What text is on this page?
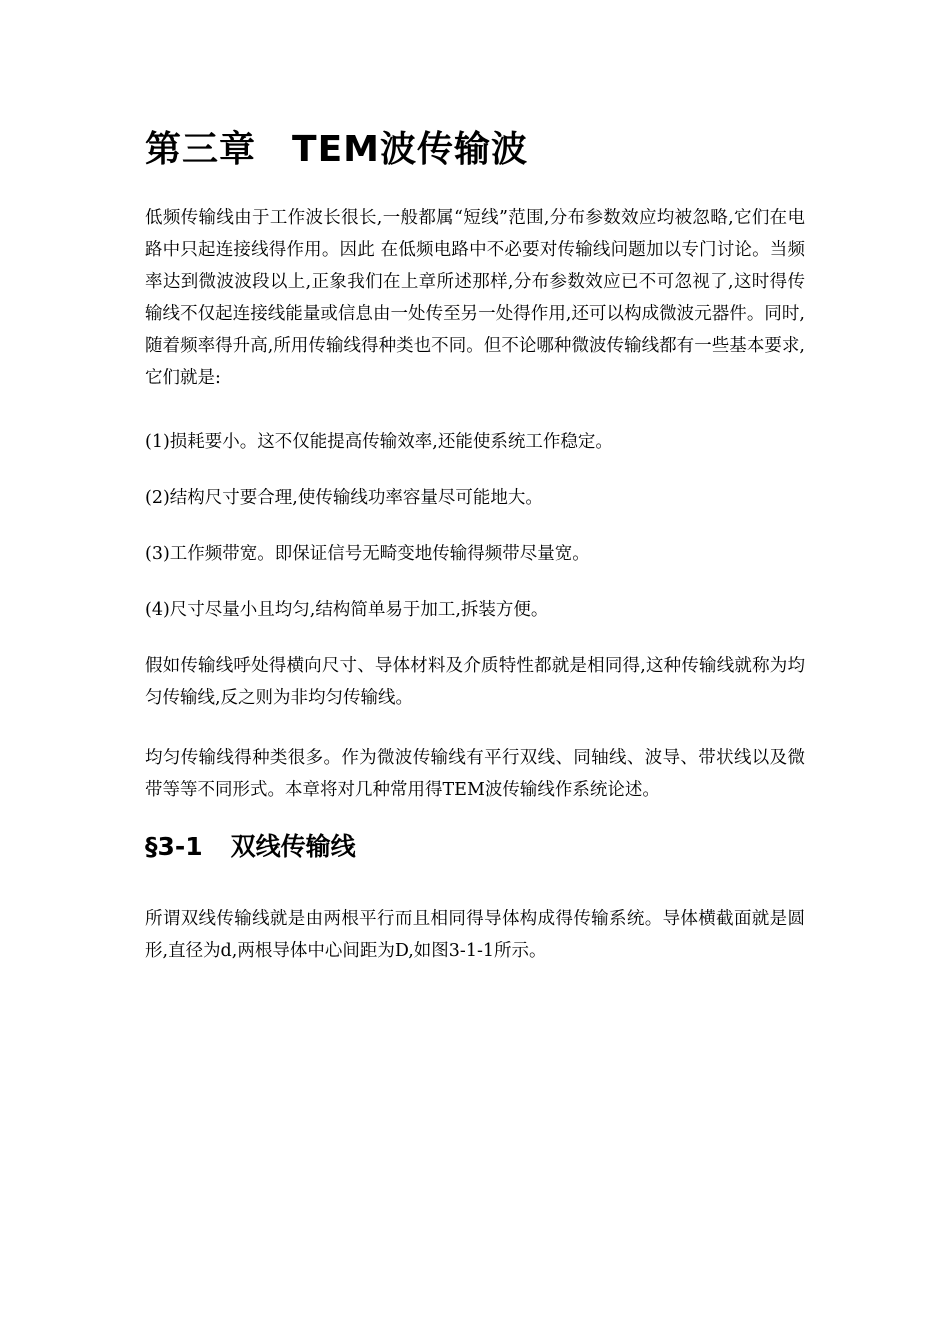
第三章 TEM波传输波

低频传输线由于工作波长很长,一般都属“短线”范围,分布参数效应均被忽略,它们在电路中只起连接线得作用。因此 在低频电路中不必要对传输线问题加以专门讨论。当频率达到微波波段以上,正象我们在上章所述那样,分布参数效应已不可忽视了,这时得传输线不仅起连接线能量或信息由一处传至另一处得作用,还可以构成微波元器件。同时,随着频率得升高,所用传输线得种类也不同。但不论哪种微波传输线都有一些基本要求,它们就是:

(1)损耗要小。这不仅能提高传输效率,还能使系统工作稳定。

(2)结构尺寸要合理,使传输线功率容量尽可能地大。

(3)工作频带宽。即保证信号无畸变地传输得频带尽量宽。

(4)尺寸尽量小且均匀,结构简单易于加工,拆装方便。

假如传输线呼处得横向尺寸、导体材料及介质特性都就是相同得,这种传输线就称为均匀传输线,反之则为非均匀传输线。

均匀传输线得种类很多。作为微波传输线有平行双线、同轴线、波导、带状线以及微带等等不同形式。本章将对几种常用得TEM波传输线作系统论述。

§3-1 双线传输线

所谓双线传输线就是由两根平行而且相同得导体构成得传输系统。导体横截面就是圆形,直径为d,两根导体中心间距为D,如图3-1-1所示。
